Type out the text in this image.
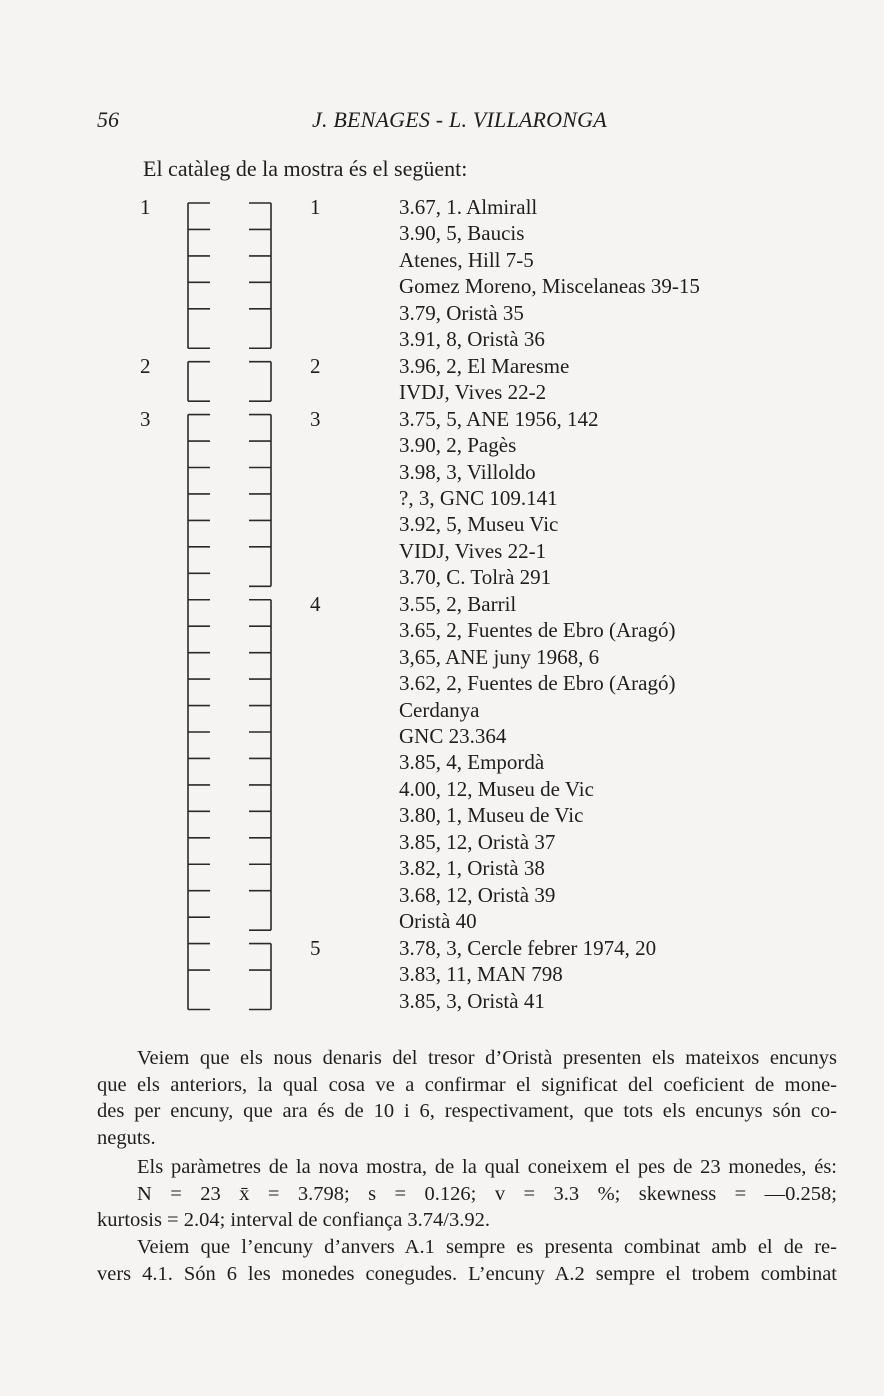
56	J. BENAGES - L. VILLARONGA
El catàleg de la mostra és el següent:
1
2
3
1
2
3
4
5
3.67, 1. Almirall
3.90, 5, Baucis
Atenes, Hill 7-5
Gomez Moreno, Miscelaneas 39-15
3.79, Oristà 35
3.91, 8, Oristà 36
3.96, 2, El Maresme
IVDJ, Vives 22-2
3.75, 5, ANE 1956, 142
3.90, 2, Pagès
3.98, 3, Villoldo
?, 3, GNC 109.141
3.92, 5, Museu Vic
VIDJ, Vives 22-1
3.70, C. Tolrà 291
3.55, 2, Barril
3.65, 2, Fuentes de Ebro (Aragó)
3,65, ANE juny 1968, 6
3.62, 2, Fuentes de Ebro (Aragó)
Cerdanya
GNC 23.364
3.85, 4, Empordà
4.00, 12, Museu de Vic
3.80, 1, Museu de Vic
3.85, 12, Oristà 37
3.82, 1, Oristà 38
3.68, 12, Oristà 39
Oristà 40
3.78, 3, Cercle febrer 1974, 20
3.83, 11, MAN 798
3.85, 3, Oristà 41
Veiem que els nous denaris del tresor d’Oristà presenten els mateixos encunys
que els anteriors, la qual cosa ve a confirmar el significat del coeficient de mone-
des per encuny, que ara és de 10 i 6, respectivament, que tots els encunys són co-
neguts.
Els paràmetres de la nova mostra, de la qual coneixem el pes de 23 monedes, és:
N = 23 x̄ = 3.798; s = 0.126; v = 3.3 %; skewness = —0.258;
kurtosis = 2.04; interval de confiança 3.74/3.92.
Veiem que l’encuny d’anvers A.1 sempre es presenta combinat amb el de re-
vers 4.1. Són 6 les monedes conegudes. L’encuny A.2 sempre el trobem combinat
